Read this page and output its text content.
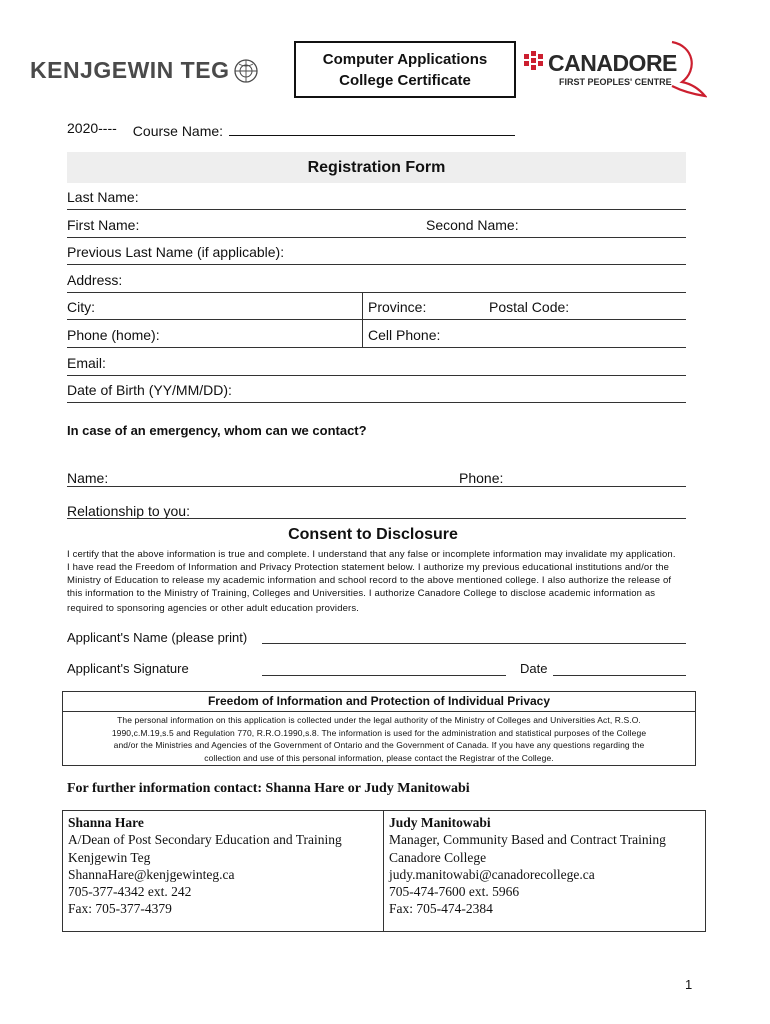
KENJGEWIN TEG	Computer Applications
College Certificate
CANADORE
FIRST PEOPLES' CENTRE
2020---- Course Name:
Registration Form
Last Name:
First Name:	Second Name:
Previous Last Name (if applicable):
Address:
City:	Province:	Postal Code:
Phone (home):	Cell Phone:
Email:
Date of Birth (YY/MM/DD):
In case of an emergency, whom can we contact?
Name:	Phone:
Relationship to you:
Consent to Disclosure
I certify that the above information is true and complete. I understand that any false or incomplete information may invalidate my application.
I have read the Freedom of Information and Privacy Protection statement below. I authorize my previous educational institutions and/or the
Ministry of Education to release my academic information and school record to the above mentioned college. I also authorize the release of
this information to the Ministry of Training, Colleges and Universities. I authorize Canadore College to disclose academic information as
required to sponsoring agencies or other adult education providers.
Applicant's Name (please print)
Applicant's Signature	Date
Freedom of Information and Protection of Individual Privacy
The personal information on this application is collected under the legal authority of the Ministry of Colleges and Universities Act, R.S.O.
1990,c.M.19,s.5 and Regulation 770, R.R.O.1990,s.8. The information is used for the administration and statistical purposes of the College
and/or the Ministries and Agencies of the Government of Ontario and the Government of Canada. If you have any questions regarding the
collection and use of this personal information, please contact the Registrar of the College.
For further information contact: Shanna Hare or Judy Manitowabi
Shanna Hare
A/Dean of Post Secondary Education and Training
Kenjgewin Teg
ShannaHare@kenjgewinteg.ca
705-377-4342 ext. 242
Fax: 705-377-4379
Judy Manitowabi
Manager, Community Based and Contract Training
Canadore College
judy.manitowabi@canadorecollege.ca
705-474-7600 ext. 5966
Fax: 705-474-2384
1
